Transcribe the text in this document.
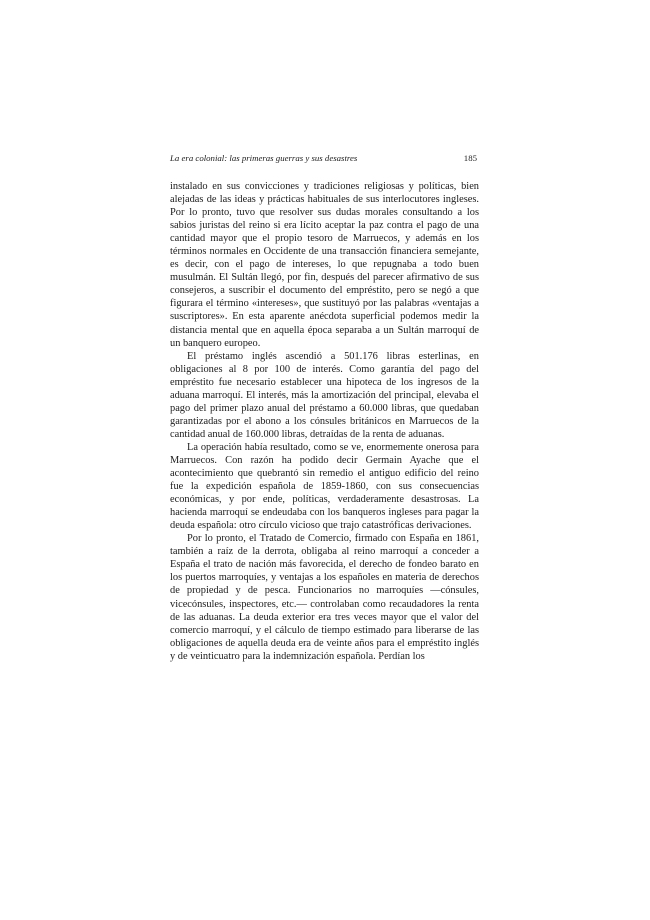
La era colonial: las primeras guerras y sus desastres	185

instalado en sus convicciones y tradiciones religiosas y políticas, bien alejadas de las ideas y prácticas habituales de sus interlocutores ingleses. Por lo pronto, tuvo que resolver sus dudas morales consultando a los sabios juristas del reino si era lícito aceptar la paz contra el pago de una cantidad mayor que el propio tesoro de Marruecos, y además en los términos normales en Occidente de una transacción financiera semejante, es decir, con el pago de intereses, lo que repugnaba a todo buen musulmán. El Sultán llegó, por fin, después del parecer afirmativo de sus consejeros, a suscribir el documento del empréstito, pero se negó a que figurara el término «intereses», que sustituyó por las palabras «ventajas a suscriptores». En esta aparente anécdota superficial podemos medir la distancia mental que en aquella época separaba a un Sultán marroquí de un banquero europeo.

El préstamo inglés ascendió a 501.176 libras esterlinas, en obligaciones al 8 por 100 de interés. Como garantía del pago del empréstito fue necesario establecer una hipoteca de los ingresos de la aduana marroquí. El interés, más la amortización del principal, elevaba el pago del primer plazo anual del préstamo a 60.000 libras, que quedaban garantizadas por el abono a los cónsules británicos en Marruecos de la cantidad anual de 160.000 libras, detraídas de la renta de aduanas.

La operación había resultado, como se ve, enormemente onerosa para Marruecos. Con razón ha podido decir Germain Ayache que el acontecimiento que quebrantó sin remedio el antiguo edificio del reino fue la expedición española de 1859-1860, con sus consecuencias económicas, y por ende, políticas, verdaderamente desastrosas. La hacienda marroquí se endeudaba con los banqueros ingleses para pagar la deuda española: otro círculo vicioso que trajo catastróficas derivaciones.

Por lo pronto, el Tratado de Comercio, firmado con España en 1861, también a raíz de la derrota, obligaba al reino marroquí a conceder a España el trato de nación más favorecida, el derecho de fondeo barato en los puertos marroquíes, y ventajas a los españoles en materia de derechos de propiedad y de pesca. Funcionarios no marroquíes —cónsules, vicecónsules, inspectores, etc.— controlaban como recaudadores la renta de las aduanas. La deuda exterior era tres veces mayor que el valor del comercio marroquí, y el cálculo de tiempo estimado para liberarse de las obligaciones de aquella deuda era de veinte años para el empréstito inglés y de veinticuatro para la indemnización española. Perdían los
